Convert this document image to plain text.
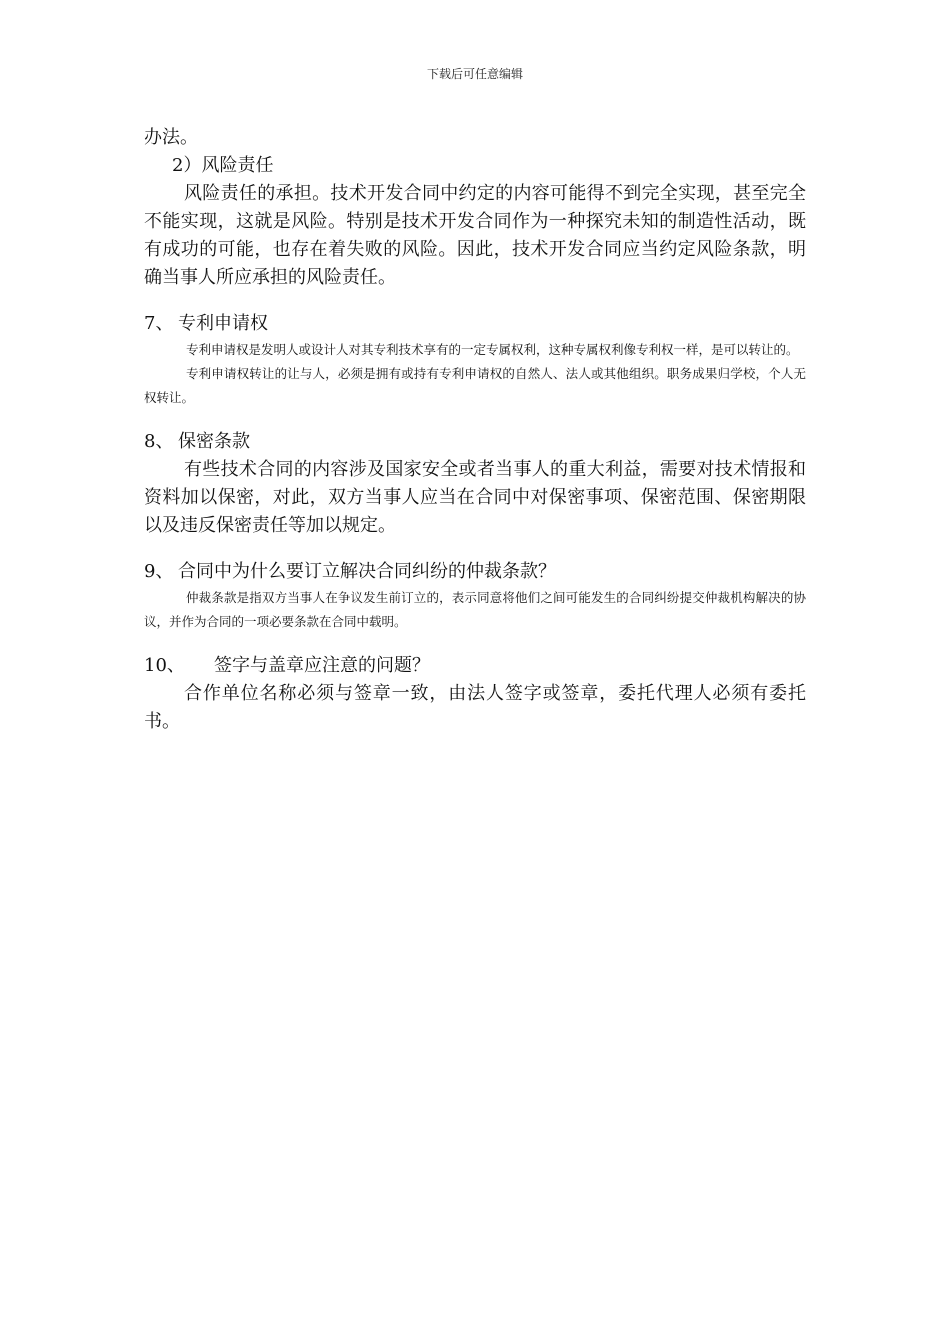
下载后可任意编辑

办法。

2）风险责任

风险责任的承担。技术开发合同中约定的内容可能得不到完全实现，甚至完全不能实现，这就是风险。特别是技术开发合同作为一种探究未知的制造性活动，既有成功的可能，也存在着失败的风险。因此，技术开发合同应当约定风险条款，明确当事人所应承担的风险责任。

7、 专利申请权

专利申请权是发明人或设计人对其专利技术享有的一定专属权利，这种专属权利像专利权一样，是可以转让的。

专利申请权转让的让与人，必须是拥有或持有专利申请权的自然人、法人或其他组织。职务成果归学校，个人无权转让。

8、 保密条款

有些技术合同的内容涉及国家安全或者当事人的重大利益，需要对技术情报和资料加以保密，对此，双方当事人应当在合同中对保密事项、保密范围、保密期限以及违反保密责任等加以规定。

9、 合同中为什么要订立解决合同纠纷的仲裁条款？

仲裁条款是指双方当事人在争议发生前订立的，表示同意将他们之间可能发生的合同纠纷提交仲裁机构解决的协议，并作为合同的一项必要条款在合同中载明。

10、	签字与盖章应注意的问题？

合作单位名称必须与签章一致，由法人签字或签章，委托代理人必须有委托书。
